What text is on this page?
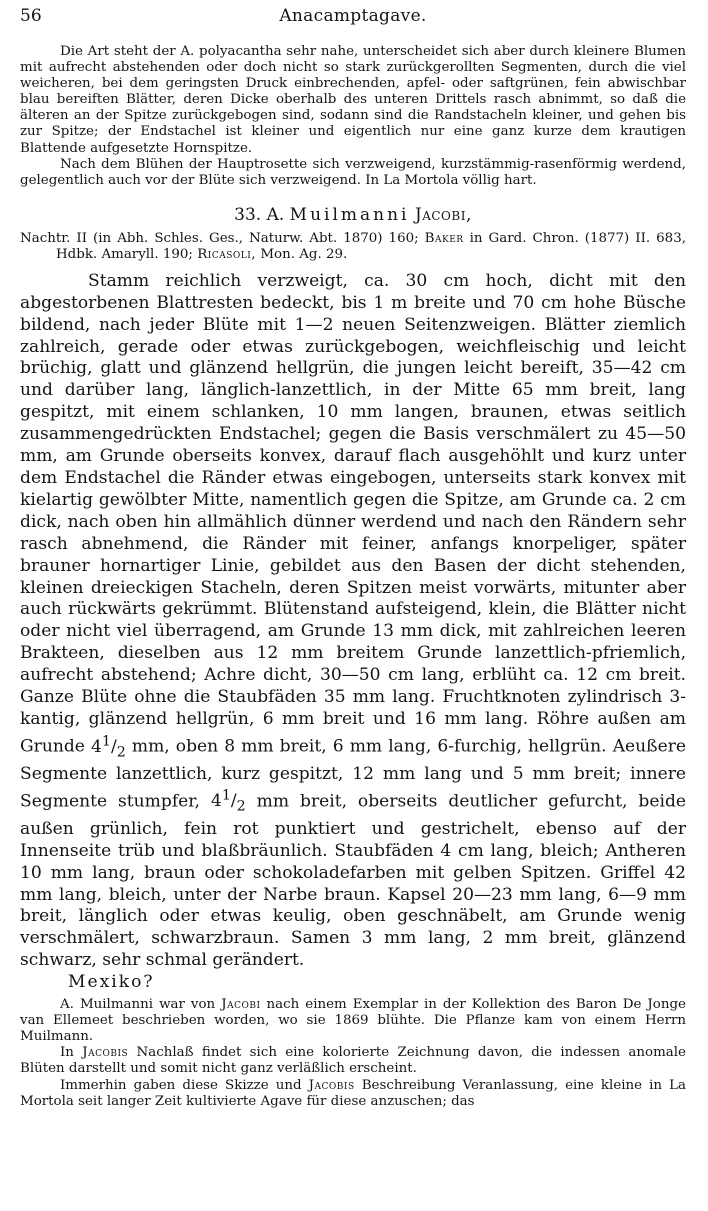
56	Anacamptagave.

Die Art steht der A. polyacantha sehr nahe, unterscheidet sich aber durch kleinere Blumen mit aufrecht abstehenden oder doch nicht so stark zurückgerollten Segmenten, durch die viel weicheren, bei dem geringsten Druck einbrechenden, apfel- oder saftgrünen, fein abwischbar blau bereiften Blätter, deren Dicke oberhalb des unteren Drittels rasch abnimmt, so daß die älteren an der Spitze zurückgebogen sind, sodann sind die Randstacheln kleiner, und gehen bis zur Spitze; der Endstachel ist kleiner und eigentlich nur eine ganz kurze dem krautigen Blattende aufgesetzte Hornspitze.

Nach dem Blühen der Hauptrosette sich verzweigend, kurzstämmig-rasenförmig werdend, gelegentlich auch vor der Blüte sich verzweigend. In La Mortola völlig hart.

33. A. Muilmanni Jacobi,
Nachtr. II (in Abh. Schles. Ges., Naturw. Abt. 1870) 160; Baker in Gard. Chron. (1877) II. 683, Hdbk. Amaryll. 190; Ricasoli, Mon. Ag. 29.
Stamm reichlich verzweigt, ca. 30 cm hoch, dicht mit den abgestorbenen Blattresten bedeckt, bis 1 m breite und 70 cm hohe Büsche bildend, nach jeder Blüte mit 1—2 neuen Seitenzweigen. Blätter ziemlich zahlreich, gerade oder etwas zurückgebogen, weichfleischig und leicht brüchig, glatt und glänzend hellgrün, die jungen leicht bereift, 35—42 cm und darüber lang, länglich-lanzettlich, in der Mitte 65 mm breit, lang gespitzt, mit einem schlanken, 10 mm langen, braunen, etwas seitlich zusammengedrückten Endstachel; gegen die Basis verschmälert zu 45—50 mm, am Grunde oberseits konvex, darauf flach ausgehöhlt und kurz unter dem Endstachel die Ränder etwas eingebogen, unterseits stark konvex mit kielartig gewölbter Mitte, namentlich gegen die Spitze, am Grunde ca. 2 cm dick, nach oben hin allmählich dünner werdend und nach den Rändern sehr rasch abnehmend, die Ränder mit feiner, anfangs knorpeliger, später brauner hornartiger Linie, gebildet aus den Basen der dicht stehenden, kleinen dreieckigen Stacheln, deren Spitzen meist vorwärts, mitunter aber auch rückwärts gekrümmt. Blütenstand aufsteigend, klein, die Blätter nicht oder nicht viel überragend, am Grunde 13 mm dick, mit zahlreichen leeren Brakteen, dieselben aus 12 mm breitem Grunde lanzettlich-pfriemlich, aufrecht abstehend; Achre dicht, 30—50 cm lang, erblüht ca. 12 cm breit. Ganze Blüte ohne die Staubfäden 35 mm lang. Fruchtknoten zylindrisch 3-kantig, glänzend hellgrün, 6 mm breit und 16 mm lang. Röhre außen am Grunde $4^1/_2$ mm, oben 8 mm breit, 6 mm lang, 6-furchig, hellgrün. Aeußere Segmente lanzettlich, kurz gespitzt, 12 mm lang und 5 mm breit; innere Segmente stumpfer, $4^1/_2$ mm breit, oberseits deutlicher gefurcht, beide außen grünlich, fein rot punktiert und gestrichelt, ebenso auf der Innenseite trüb und blaßbräunlich. Staubfäden 4 cm lang, bleich; Antheren 10 mm lang, braun oder schokoladefarben mit gelben Spitzen. Griffel 42 mm lang, bleich, unter der Narbe braun. Kapsel 20—23 mm lang, 6—9 mm breit, länglich oder etwas keulig, oben geschnäbelt, am Grunde wenig verschmälert, schwarzbraun. Samen 3 mm lang, 2 mm breit, glänzend schwarz, sehr schmal gerändert.
Mexiko?

A. Muilmanni war von Jacobi nach einem Exemplar in der Kollektion des Baron De Jonge van Ellemeet beschrieben worden, wo sie 1869 blühte. Die Pflanze kam von einem Herrn Muilmann.

In Jacobis Nachlaß findet sich eine kolorierte Zeichnung davon, die indessen anomale Blüten darstellt und somit nicht ganz verläßlich erscheint.

Immerhin gaben diese Skizze und Jacobis Beschreibung Veranlassung, eine kleine in La Mortola seit langer Zeit kultivierte Agave für diese anzuschen; das
